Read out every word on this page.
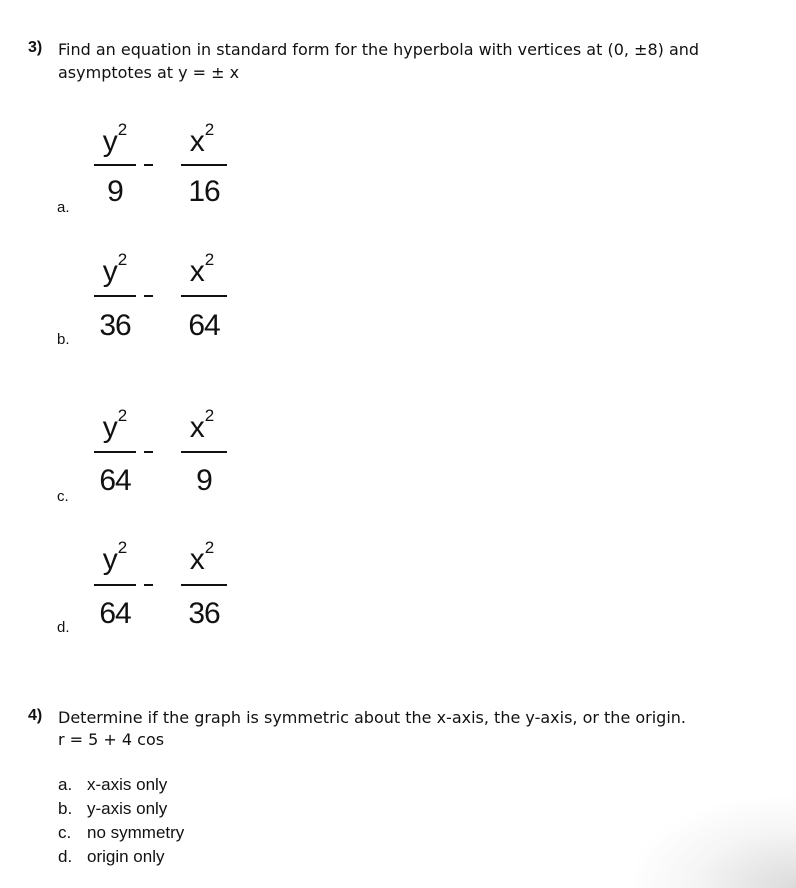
3) Find an equation in standard form for the hyperbola with vertices at (0, ±8) and
asymptotes at y = ± x
a.
$y^2$
9
$x^2$
16
b.
$y^2$
36
$x^2$
64
c.
$y^2$
64
$x^2$
9
d.
$y^2$
64
$x^2$
36
4) Determine if the graph is symmetric about the x-axis, the y-axis, or the origin.
r = 5 + 4 cos
a. x-axis only
b. y-axis only
c. no symmetry
d. origin only
